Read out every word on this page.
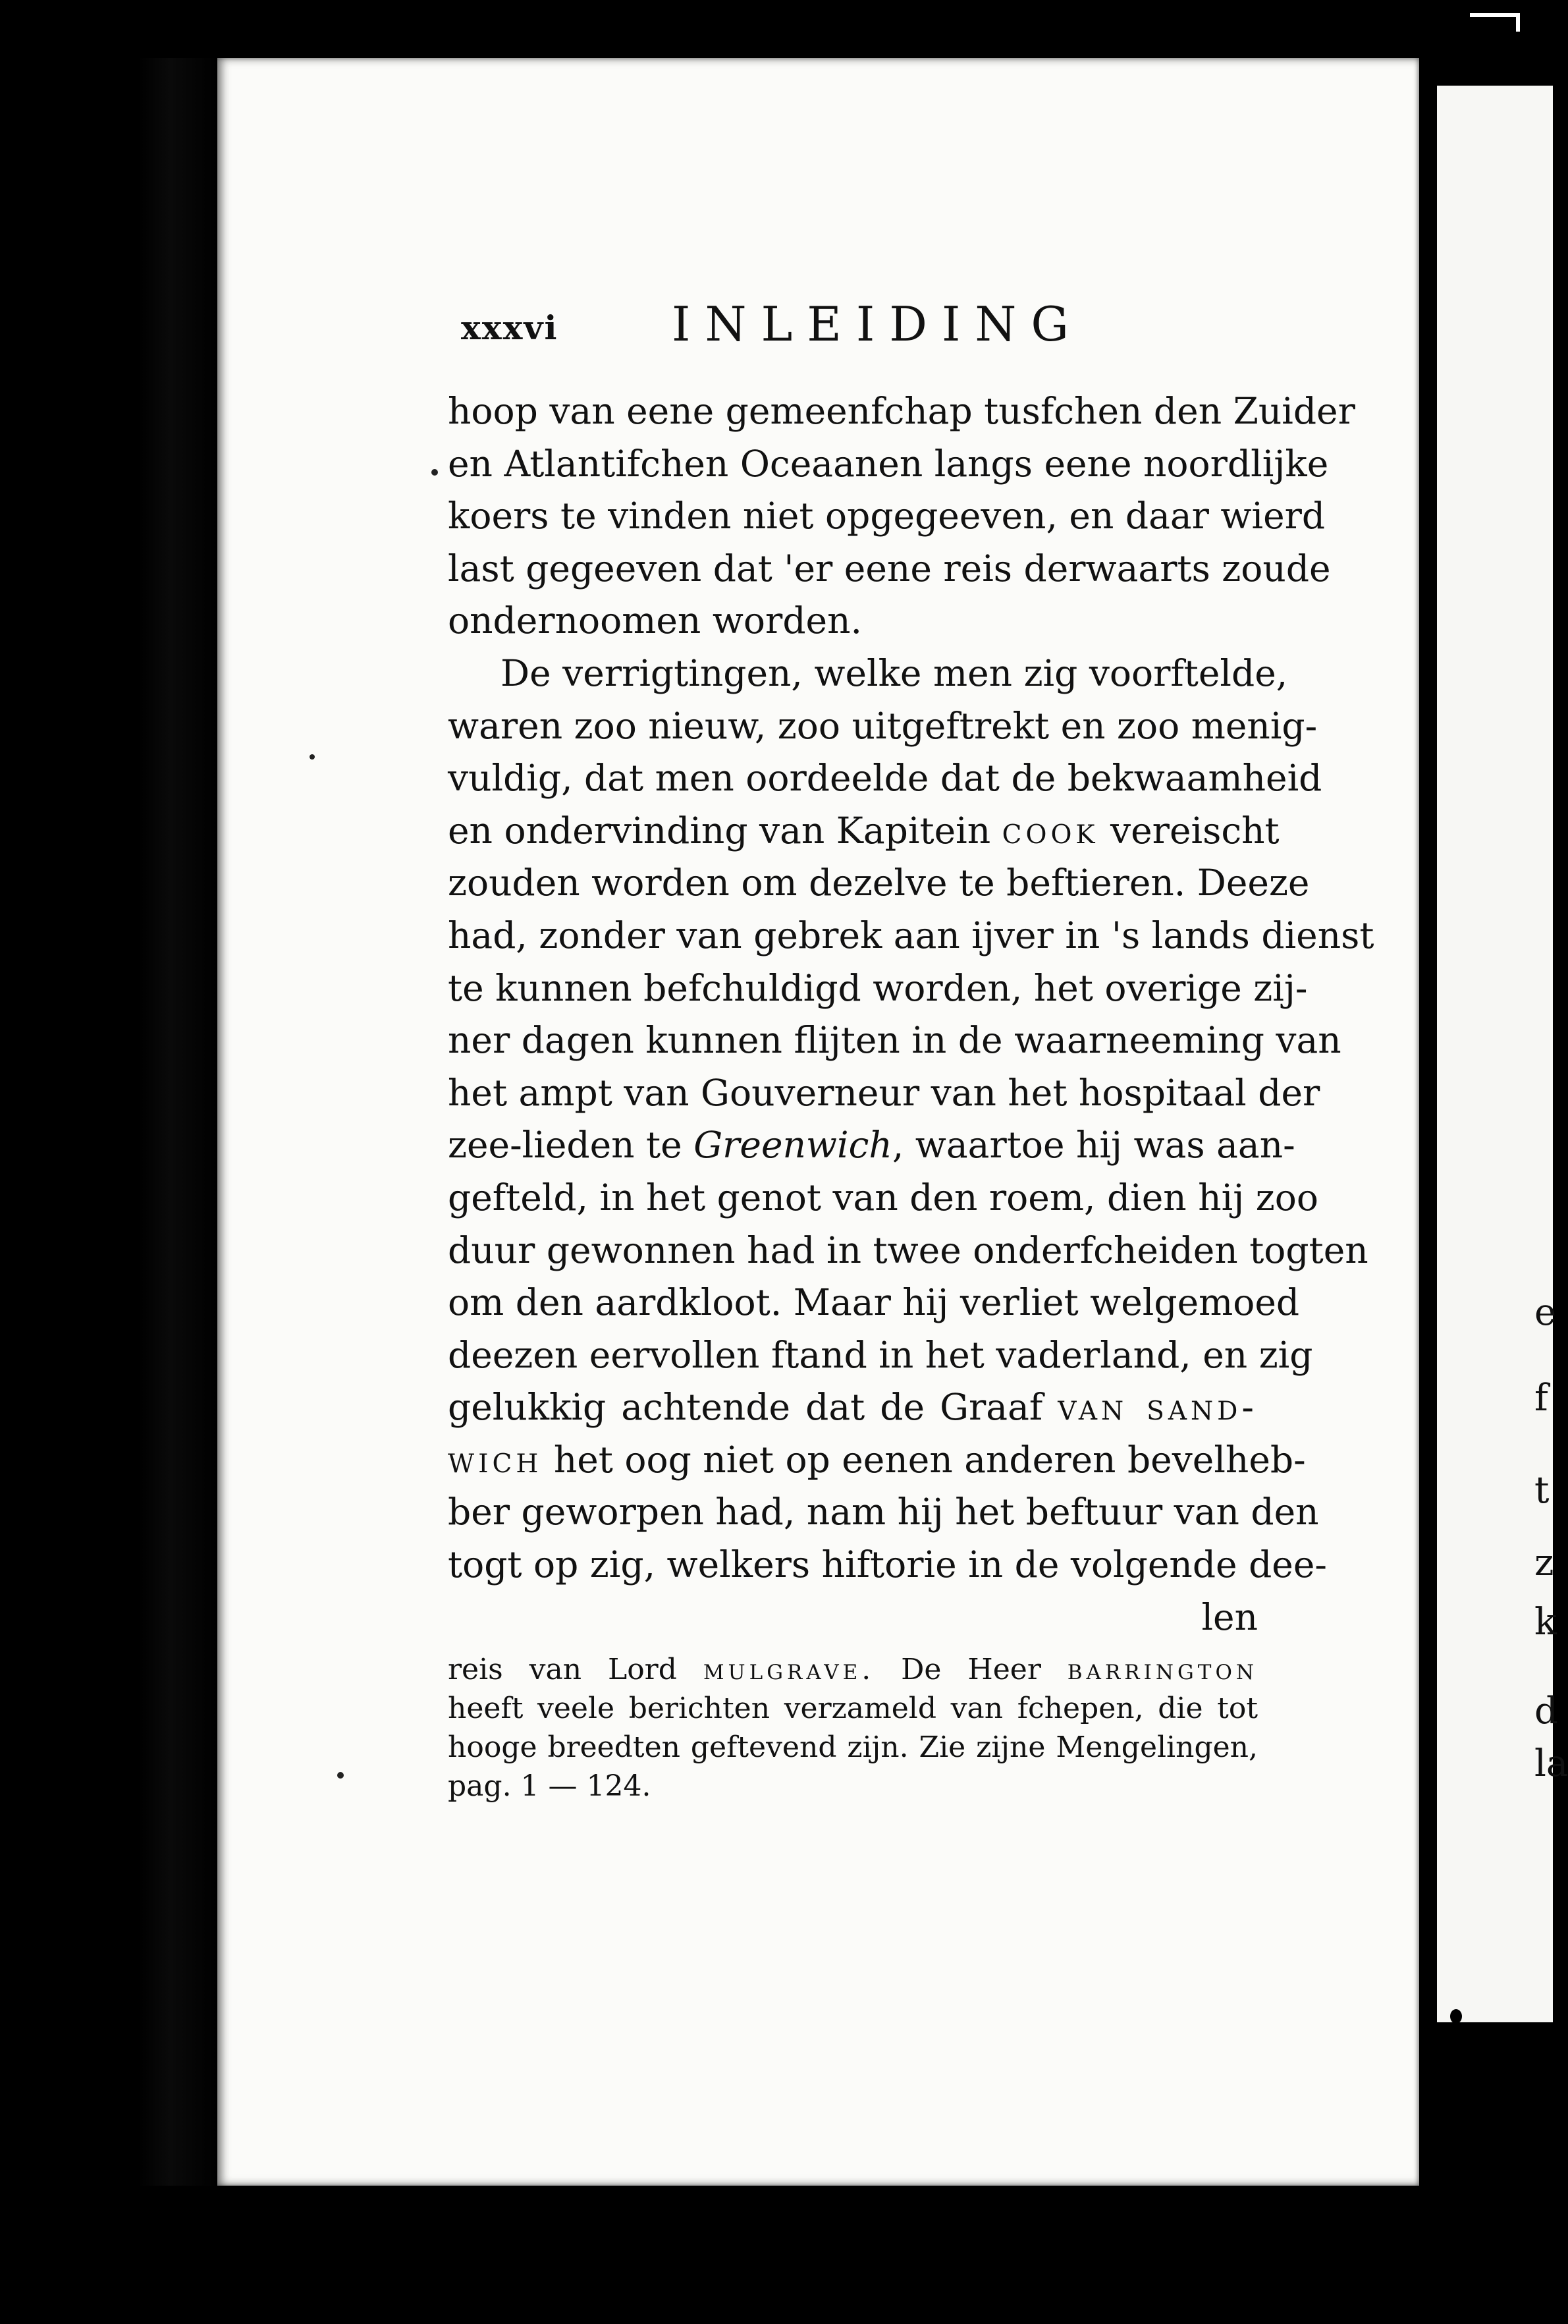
e
f
t
z
k
d
la
xxxvi INLEIDING
hoop van eene gemeenfchap tusfchen den Zuider
en Atlantifchen Oceaanen langs eene noordlijke
koers te vinden niet opgegeeven, en daar wierd
last gegeeven dat 'er eene reis derwaarts zoude
ondernoomen worden.
De verrigtingen, welke men zig voorftelde,
waren zoo nieuw, zoo uitgeftrekt en zoo menig-
vuldig, dat men oordeelde dat de bekwaamheid
en ondervinding van Kapitein cook vereischt
zouden worden om dezelve te beftieren. Deeze
had, zonder van gebrek aan ijver in 's lands dienst
te kunnen befchuldigd worden, het overige zij-
ner dagen kunnen flijten in de waarneeming van
het ampt van Gouverneur van het hospitaal der
zee-lieden te Greenwich, waartoe hij was aan-
gefteld, in het genot van den roem, dien hij zoo
duur gewonnen had in twee onderfcheiden togten
om den aardkloot. Maar hij verliet welgemoed
deezen eervollen ftand in het vaderland, en zig
gelukkig achtende dat de Graaf van sand-
wich het oog niet op eenen anderen bevelheb-
ber geworpen had, nam hij het beftuur van den
togt op zig, welkers hiftorie in de volgende dee-
len
reis van Lord mulgrave. De Heer barrington
heeft veele berichten verzameld van fchepen, die tot
hooge breedten geftevend zijn. Zie zijne Mengelingen,
pag. 1 — 124.
